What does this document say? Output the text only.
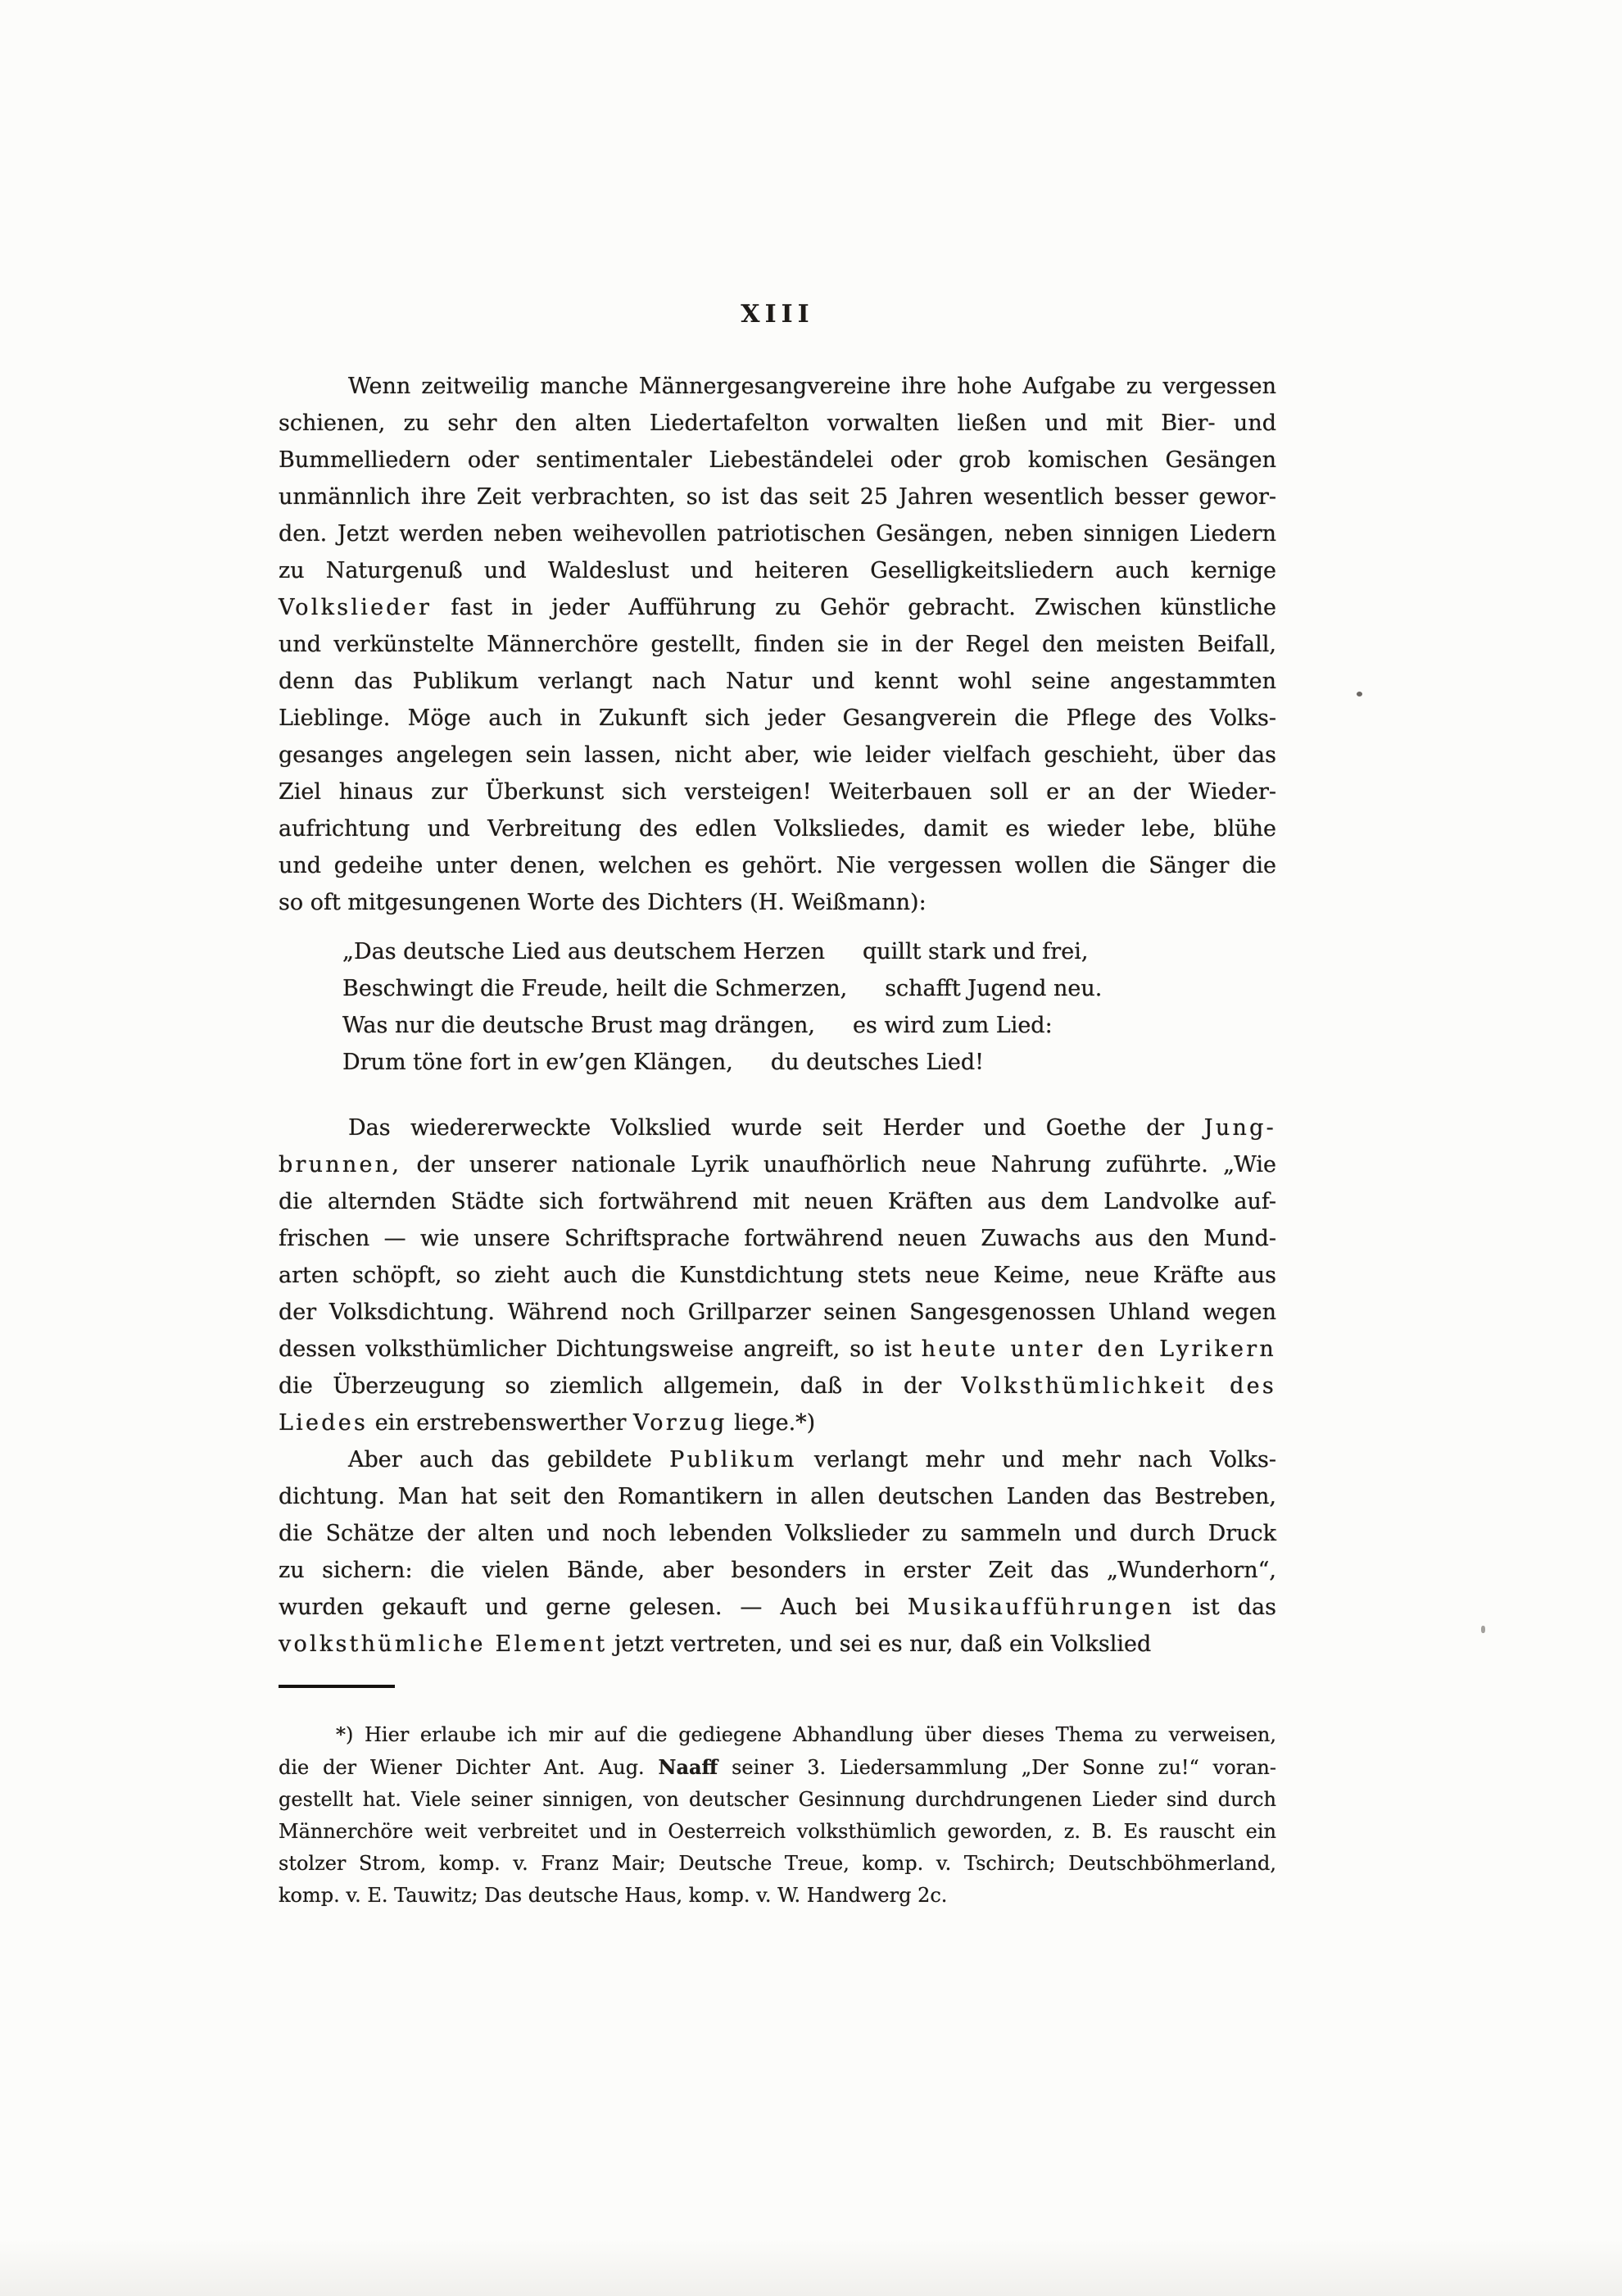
XIII
Wenn zeitweilig manche Männergesangvereine ihre hohe Aufgabe zu vergessen
schienen, zu sehr den alten Liedertafelton vorwalten ließen und mit Bier- und
Bummelliedern oder sentimentaler Liebeständelei oder grob komischen Gesängen
unmännlich ihre Zeit verbrachten, so ist das seit 25 Jahren wesentlich besser gewor-
den. Jetzt werden neben weihevollen patriotischen Gesängen, neben sinnigen Liedern
zu Naturgenuß und Waldeslust und heiteren Geselligkeitsliedern auch kernige
Volkslieder fast in jeder Aufführung zu Gehör gebracht. Zwischen künstliche
und verkünstelte Männerchöre gestellt, finden sie in der Regel den meisten Beifall,
denn das Publikum verlangt nach Natur und kennt wohl seine angestammten
Lieblinge. Möge auch in Zukunft sich jeder Gesangverein die Pflege des Volks-
gesanges angelegen sein lassen, nicht aber, wie leider vielfach geschieht, über das
Ziel hinaus zur Überkunst sich versteigen! Weiterbauen soll er an der Wieder-
aufrichtung und Verbreitung des edlen Volksliedes, damit es wieder lebe, blühe
und gedeihe unter denen, welchen es gehört. Nie vergessen wollen die Sänger die
so oft mitgesungenen Worte des Dichters (H. Weißmann):
„Das deutsche Lied aus deutschem Herzen quillt stark und frei,
Beschwingt die Freude, heilt die Schmerzen, schafft Jugend neu.
Was nur die deutsche Brust mag drängen, es wird zum Lied:
Drum töne fort in ew’gen Klängen, du deutsches Lied!
Das wiedererweckte Volkslied wurde seit Herder und Goethe der Jung-
brunnen, der unserer nationale Lyrik unaufhörlich neue Nahrung zuführte. „Wie
die alternden Städte sich fortwährend mit neuen Kräften aus dem Landvolke auf-
frischen — wie unsere Schriftsprache fortwährend neuen Zuwachs aus den Mund-
arten schöpft, so zieht auch die Kunstdichtung stets neue Keime, neue Kräfte aus
der Volksdichtung. Während noch Grillparzer seinen Sangesgenossen Uhland wegen
dessen volksthümlicher Dichtungsweise angreift, so ist heute unter den Lyrikern
die Überzeugung so ziemlich allgemein, daß in der Volksthümlichkeit des
Liedes ein erstrebenswerther Vorzug liege.*)
Aber auch das gebildete Publikum verlangt mehr und mehr nach Volks-
dichtung. Man hat seit den Romantikern in allen deutschen Landen das Bestreben,
die Schätze der alten und noch lebenden Volkslieder zu sammeln und durch Druck
zu sichern: die vielen Bände, aber besonders in erster Zeit das „Wunderhorn“,
wurden gekauft und gerne gelesen. — Auch bei Musikaufführungen ist das
volksthümliche Element jetzt vertreten, und sei es nur, daß ein Volkslied
*) Hier erlaube ich mir auf die gediegene Abhandlung über dieses Thema zu verweisen,
die der Wiener Dichter Ant. Aug. Naaff seiner 3. Liedersammlung „Der Sonne zu!“ voran-
gestellt hat. Viele seiner sinnigen, von deutscher Gesinnung durchdrungenen Lieder sind durch
Männerchöre weit verbreitet und in Oesterreich volksthümlich geworden, z. B. Es rauscht ein
stolzer Strom, komp. v. Franz Mair; Deutsche Treue, komp. v. Tschirch; Deutschböhmerland,
komp. v. E. Tauwitz; Das deutsche Haus, komp. v. W. Handwerg 2c.
